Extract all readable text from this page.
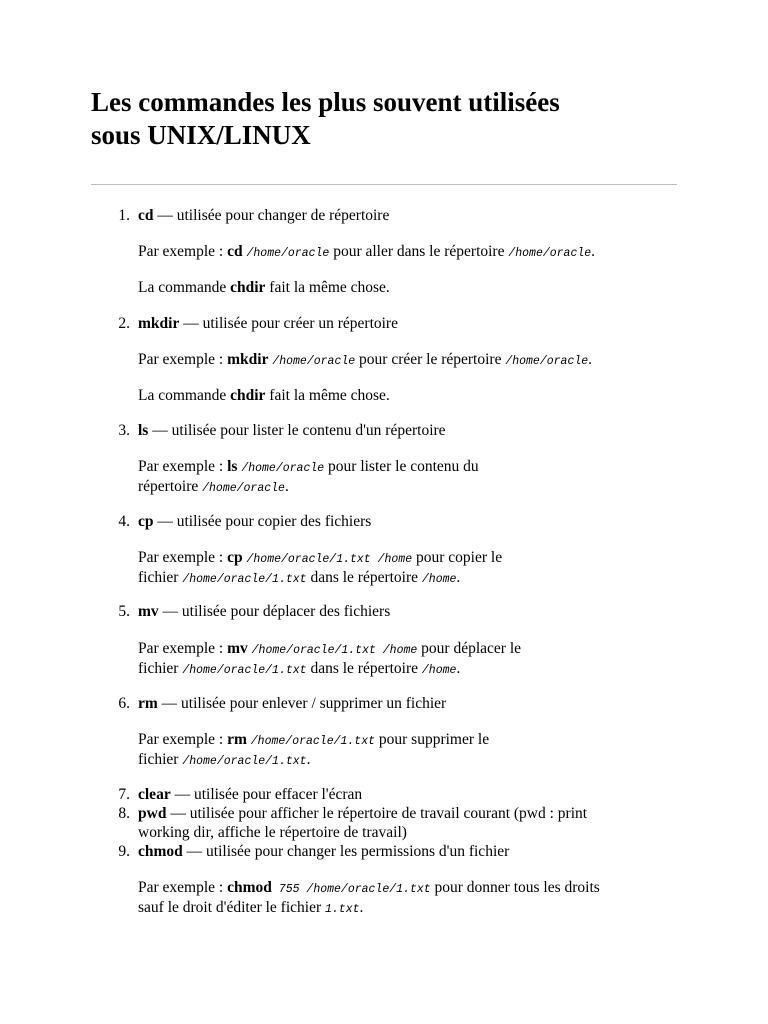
Les commandes les plus souvent utilisées
sous UNIX/LINUX
1. cd — utilisée pour changer de répertoire
Par exemple : cd /home/oracle pour aller dans le répertoire /home/oracle.
La commande chdir fait la même chose.
2. mkdir — utilisée pour créer un répertoire
Par exemple : mkdir /home/oracle pour créer le répertoire /home/oracle.
La commande chdir fait la même chose.
3. ls — utilisée pour lister le contenu d'un répertoire
Par exemple : ls /home/oracle pour lister le contenu du
répertoire /home/oracle.
4. cp — utilisée pour copier des fichiers
Par exemple : cp /home/oracle/1.txt /home pour copier le
fichier /home/oracle/1.txt dans le répertoire /home.
5. mv — utilisée pour déplacer des fichiers
Par exemple : mv /home/oracle/1.txt /home pour déplacer le
fichier /home/oracle/1.txt dans le répertoire /home.
6. rm — utilisée pour enlever / supprimer un fichier
Par exemple : rm /home/oracle/1.txt pour supprimer le
fichier /home/oracle/1.txt.
7. clear — utilisée pour effacer l'écran
8. pwd — utilisée pour afficher le répertoire de travail courant (pwd : print
working dir, affiche le répertoire de travail)
9. chmod — utilisée pour changer les permissions d'un fichier
Par exemple : chmod 755 /home/oracle/1.txt pour donner tous les droits
sauf le droit d'éditer le fichier 1.txt.
